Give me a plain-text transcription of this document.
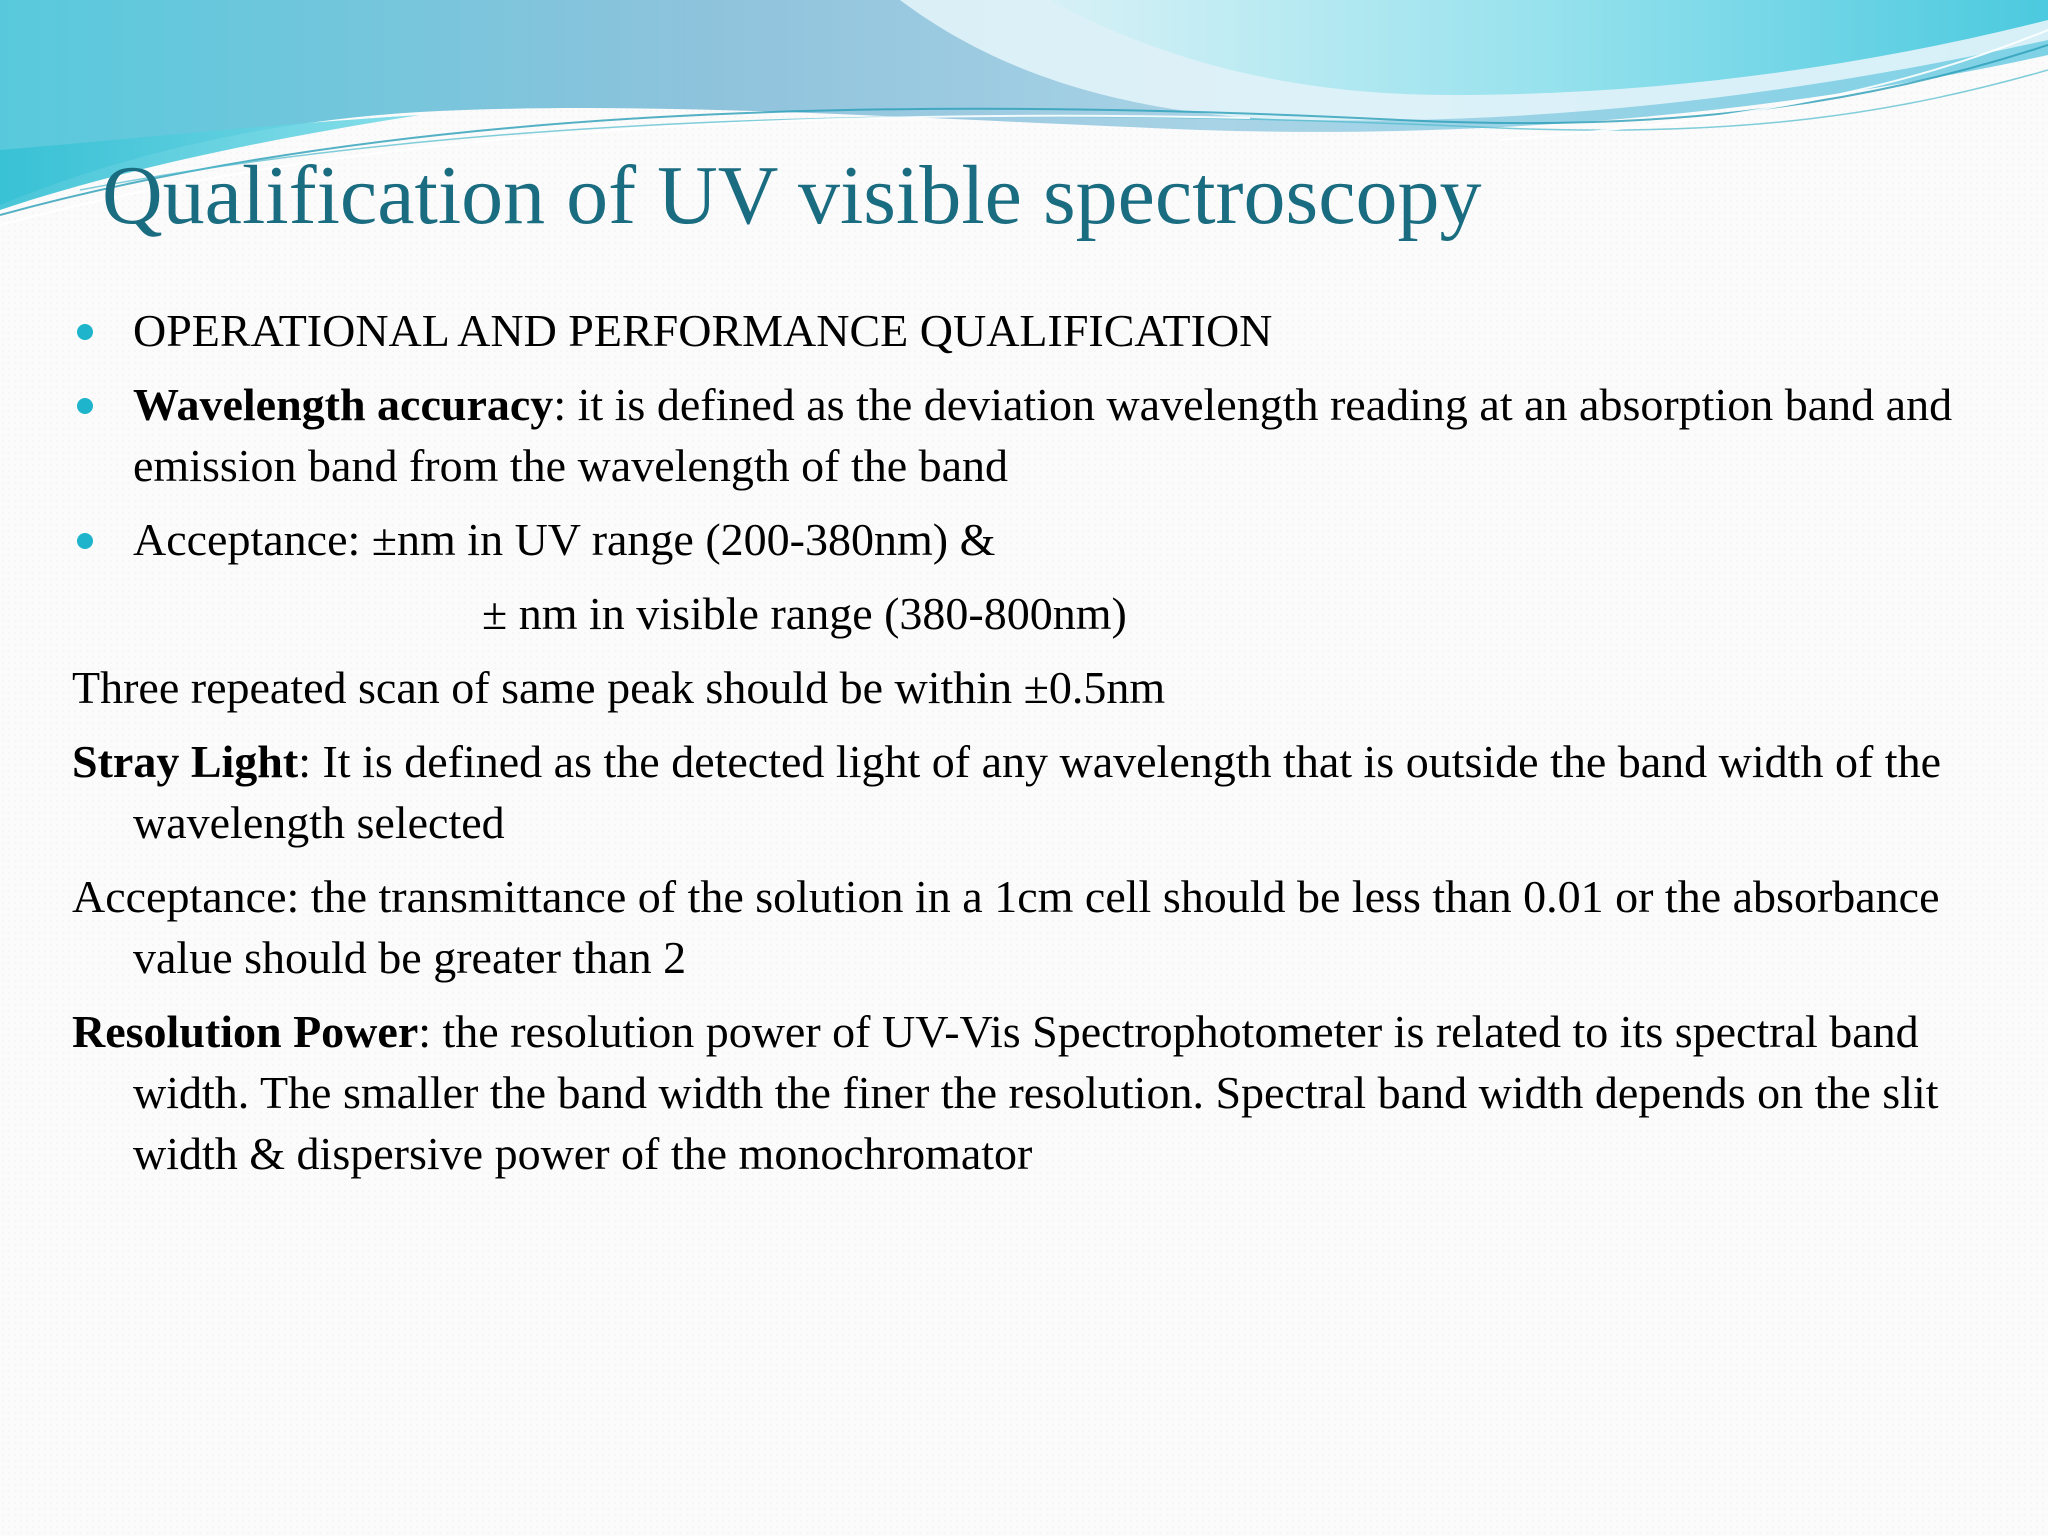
Qualification of UV visible spectroscopy

OPERATIONAL AND PERFORMANCE QUALIFICATION

Wavelength accuracy: it is defined as the deviation wavelength reading at an absorption band and emission band from the wavelength of the band

Acceptance: ±nm in UV range (200-380nm) &

± nm in visible range (380-800nm)

Three repeated scan of same peak should be within ±0.5nm

Stray Light: It is defined as the detected light of any wavelength that is outside the band width of the wavelength selected

Acceptance: the transmittance of the solution in a 1cm cell should be less than 0.01 or the absorbance value should be greater than 2

Resolution Power: the resolution power of UV-Vis Spectrophotometer is related to its spectral band width. The smaller the band width the finer the resolution. Spectral band width depends on the slit width & dispersive power of the monochromator
